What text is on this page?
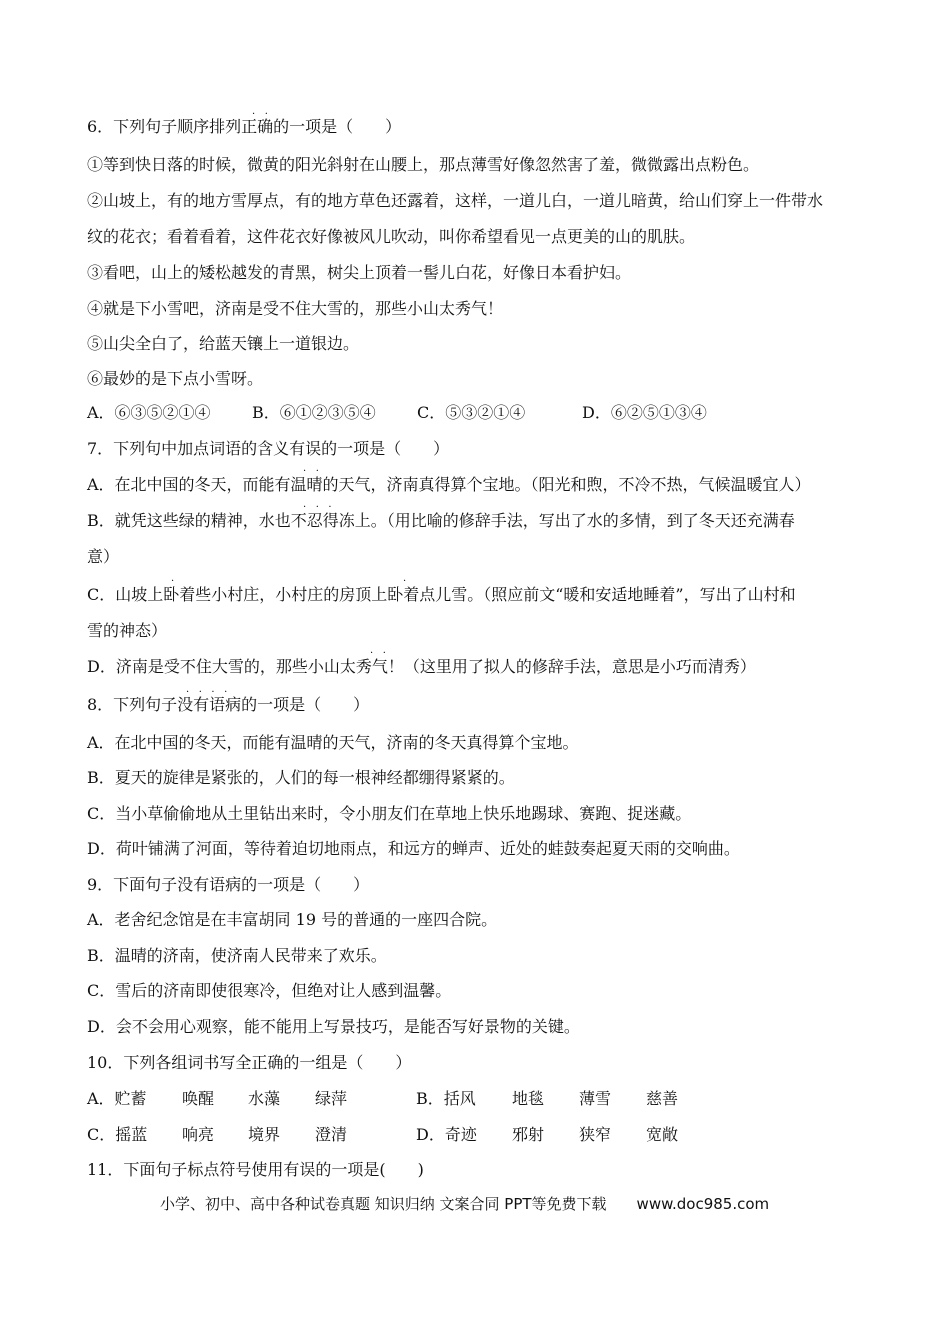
6．下列句子顺序排列正确的一项是（　　）
·   ·
①等到快日落的时候，微黄的阳光斜射在山腰上，那点薄雪好像忽然害了羞，微微露出点粉色。
②山坡上，有的地方雪厚点，有的地方草色还露着，这样，一道儿白，一道儿暗黄，给山们穿上一件带水
纹的花衣；看着看着，这件花衣好像被风儿吹动，叫你希望看见一点更美的山的肌肤。
③看吧，山上的矮松越发的青黑，树尖上顶着一髻儿白花，好像日本看护妇。
④就是下小雪吧，济南是受不住大雪的，那些小山太秀气！
⑤山尖全白了，给蓝天镶上一道银边。
⑥最妙的是下点小雪呀。
A．⑥③⑤②①④	B．⑥①②③⑤④	C．⑤③②①④	D．⑥②⑤①③④
7．下列句中加点词语的含义有误的一项是（　　）
A．在北中国的冬天，而能有温晴的天气，济南真得算个宝地。（阳光和煦，不冷不热，气候温暖宜人）
·   ·
B．就凭这些绿的精神，水也不忍得冻上。（用比喻的修辞手法，写出了水的多情，到了冬天还充满春
·   ·   ·
意）
C．山坡上卧着些小村庄，小村庄的房顶上卧着点儿雪。（照应前文“暖和安适地睡着”，写出了山村和
·	·
雪的神态）
D．济南是受不住大雪的，那些小山太秀气！（这里用了拟人的修辞手法，意思是小巧而清秀）
·   ·
8．下列句子没有语病的一项是（　　）
·   ·   ·   ·
A．在北中国的冬天，而能有温晴的天气，济南的冬天真得算个宝地。
B．夏天的旋律是紧张的，人们的每一根神经都绷得紧紧的。
C．当小草偷偷地从土里钻出来时，令小朋友们在草地上快乐地踢球、赛跑、捉迷藏。
D．荷叶铺满了河面，等待着迫切地雨点，和远方的蝉声、近处的蛙鼓奏起夏天雨的交响曲。
9．下面句子没有语病的一项是（　　）
A．老舍纪念馆是在丰富胡同 19 号的普通的一座四合院。
B．温晴的济南，使济南人民带来了欢乐。
C．雪后的济南即使很寒冷，但绝对让人感到温馨。
D．会不会用心观察，能不能用上写景技巧，是能否写好景物的关键。
10．下列各组词书写全正确的一组是（　　）
A．贮蓄 唤醒 水藻 绿萍	B．括风 地毯 薄雪 慈善
C．摇蓝 响亮 境界 澄清	D．奇迹 邪射 狭窄 宽敞
11．下面句子标点符号使用有误的一项是(　　)
小学、初中、高中各种试卷真题 知识归纳 文案合同 PPT等免费下载　　www.doc985.com
